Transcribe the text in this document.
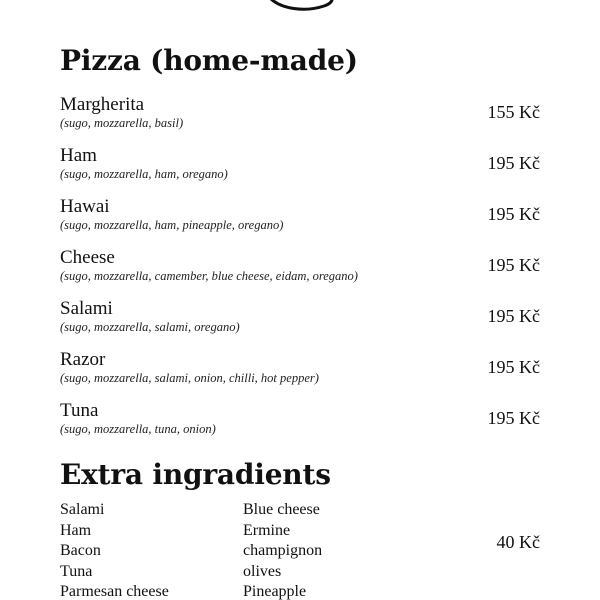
Pizza (home-made)
Margherita
(sugo, mozzarella, basil)
155 Kč
Ham
(sugo, mozzarella, ham, oregano)
195 Kč
Hawai
(sugo, mozzarella, ham, pineapple, oregano)
195 Kč
Cheese
(sugo, mozzarella, camember, blue cheese, eidam, oregano)
195 Kč
Salami
(sugo, mozzarella, salami, oregano)
195 Kč
Razor
(sugo, mozzarella, salami, onion, chilli, hot pepper)
195 Kč
Tuna
(sugo, mozzarella, tuna, onion)
195 Kč
Extra ingradients
Salami
Ham
Bacon
Tuna
Parmesan cheese
Blue cheese
Ermine
champignon
olives
Pineapple
40 Kč
